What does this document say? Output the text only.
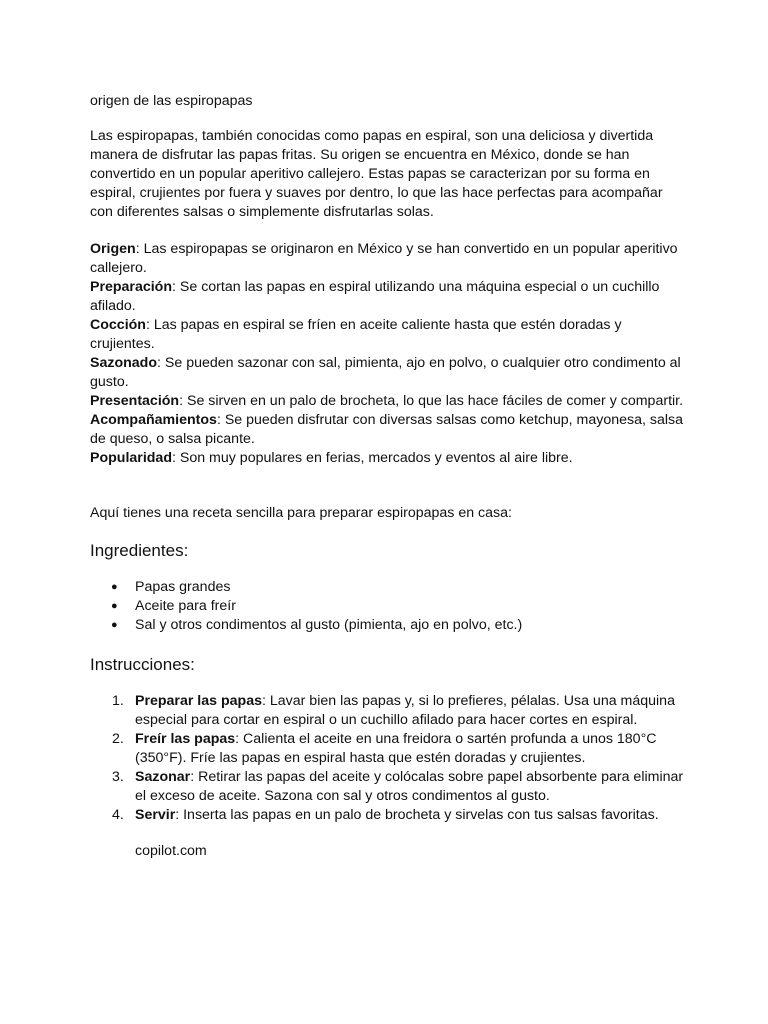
origen de las espiropapas

Las espiropapas, también conocidas como papas en espiral, son una deliciosa y divertida manera de disfrutar las papas fritas. Su origen se encuentra en México, donde se han convertido en un popular aperitivo callejero. Estas papas se caracterizan por su forma en espiral, crujientes por fuera y suaves por dentro, lo que las hace perfectas para acompañar con diferentes salsas o simplemente disfrutarlas solas.

Origen: Las espiropapas se originaron en México y se han convertido en un popular aperitivo callejero.

Preparación: Se cortan las papas en espiral utilizando una máquina especial o un cuchillo afilado.

Cocción: Las papas en espiral se fríen en aceite caliente hasta que estén doradas y crujientes.

Sazonado: Se pueden sazonar con sal, pimienta, ajo en polvo, o cualquier otro condimento al gusto.

Presentación: Se sirven en un palo de brocheta, lo que las hace fáciles de comer y compartir.

Acompañamientos: Se pueden disfrutar con diversas salsas como ketchup, mayonesa, salsa de queso, o salsa picante.

Popularidad: Son muy populares en ferias, mercados y eventos al aire libre.

Aquí tienes una receta sencilla para preparar espiropapas en casa:

Ingredientes:
● Papas grandes
● Aceite para freír
● Sal y otros condimentos al gusto (pimienta, ajo en polvo, etc.)
Instrucciones:
1. Preparar las papas: Lavar bien las papas y, si lo prefieres, pélalas. Usa una máquina especial para cortar en espiral o un cuchillo afilado para hacer cortes en espiral.
2. Freír las papas: Calienta el aceite en una freidora o sartén profunda a unos 180°C (350°F). Fríe las papas en espiral hasta que estén doradas y crujientes.
3. Sazonar: Retirar las papas del aceite y colócalas sobre papel absorbente para eliminar el exceso de aceite. Sazona con sal y otros condimentos al gusto.
4. Servir: Inserta las papas en un palo de brocheta y sirvelas con tus salsas favoritas.

copilot.com
